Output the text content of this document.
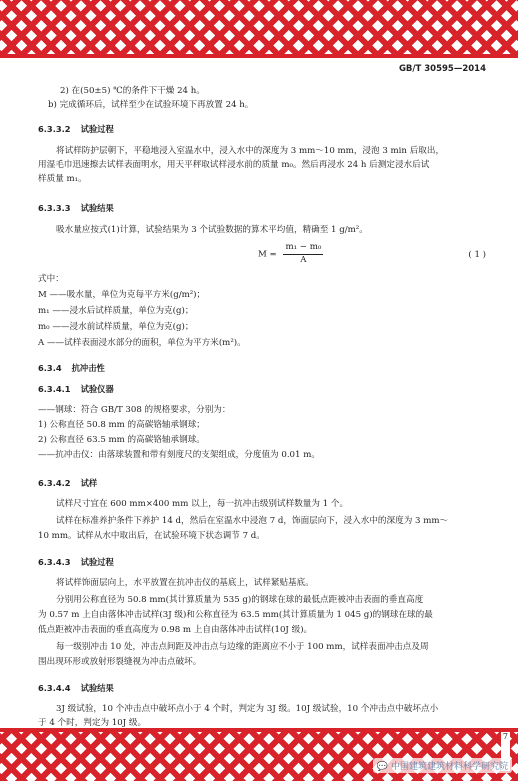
GB/T 30595—2014
2) 在(50±5) ℃的条件下干燥 24 h。
b) 完成循环后，试样至少在试验环境下再放置 24 h。
6.3.3.2 试验过程
将试样防护层朝下，平稳地浸入室温水中，浸入水中的深度为 3 mm～10 mm，浸泡 3 min 后取出，
用湿毛巾迅速擦去试样表面明水，用天平秤取试样浸水前的质量 m₀。然后再浸水 24 h 后测定浸水后试
样质量 m₁。
6.3.3.3 试验结果
吸水量应按式(1)计算，试验结果为 3 个试验数据的算术平均值，精确至 1 g/m²。
$M = \frac{\text{m₁ − m₀}}{A}$	( 1 )
式中：
M ——吸水量，单位为克每平方米(g/m²)；
m₁ ——浸水后试样质量，单位为克(g)；
m₀ ——浸水前试样质量，单位为克(g)；
A ——试样表面浸水部分的面积，单位为平方米(m²)。
6.3.4 抗冲击性
6.3.4.1 试验仪器
——钢球：符合 GB/T 308 的规格要求，分别为：
1) 公称直径 50.8 mm 的高碳铬轴承钢球；
2) 公称直径 63.5 mm 的高碳铬轴承钢球。
——抗冲击仪：由落球装置和带有刻度尺的支架组成，分度值为 0.01 m。
6.3.4.2 试样
试样尺寸宜在 600 mm×400 mm 以上，每一抗冲击级别试样数量为 1 个。
试样在标准养护条件下养护 14 d，然后在室温水中浸泡 7 d，饰面层向下，浸入水中的深度为 3 mm～
10 mm。试样从水中取出后，在试验环境下状态调节 7 d。
6.3.4.3 试验过程
将试样饰面层向上，水平放置在抗冲击仪的基底上，试样紧贴基底。
分别用公称直径为 50.8 mm(其计算质量为 535 g)的钢球在球的最低点距被冲击表面的垂直高度
为 0.57 m 上自由落体冲击试样(3J 级)和公称直径为 63.5 mm(其计算质量为 1 045 g)的钢球在球的最
低点距被冲击表面的垂直高度为 0.98 m 上自由落体冲击试样(10J 级)。
每一级别冲击 10 处，冲击点间距及冲击点与边缘的距离应不小于 100 mm，试样表面冲击点及周
围出现环形或放射形裂缝视为冲击点破坏。
6.3.4.4 试验结果
3J 级试验，10 个冲击点中破坏点小于 4 个时，判定为 3J 级。10J 级试验，10 个冲击点中破坏点小
于 4 个时，判定为 10J 级。
7
💬 中国建筑建筑材料科学研究院
